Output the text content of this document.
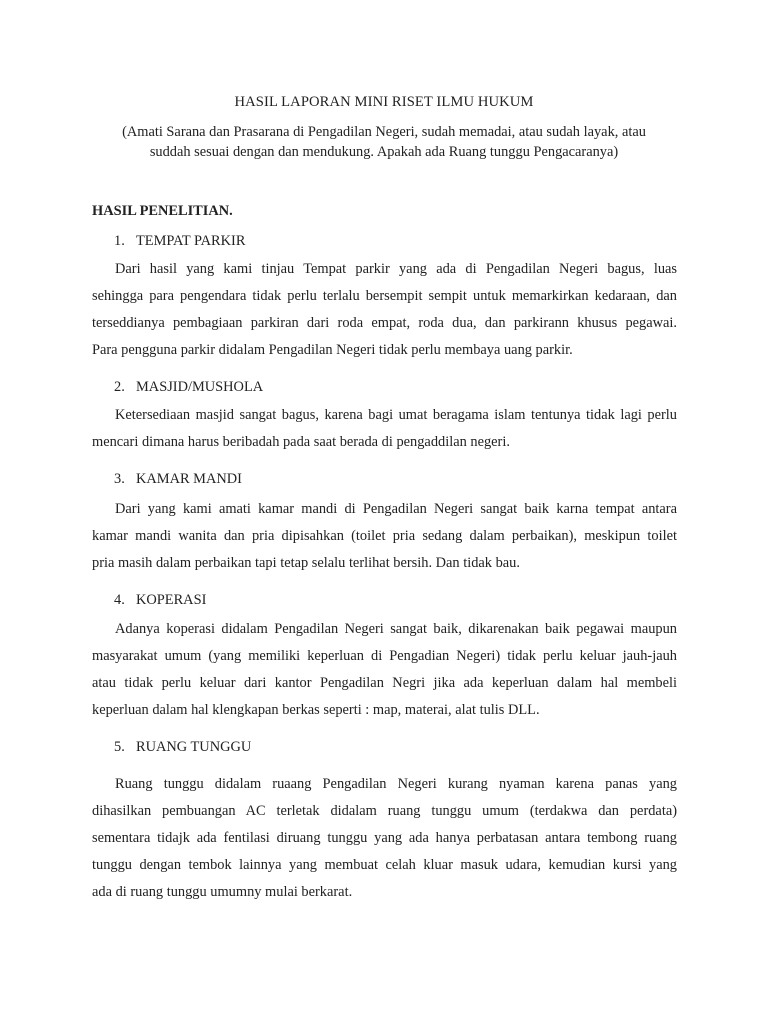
HASIL LAPORAN MINI RISET ILMU HUKUM
(Amati Sarana dan Prasarana di Pengadilan Negeri, sudah memadai, atau sudah layak, atau
suddah sesuai dengan dan mendukung. Apakah ada Ruang tunggu Pengacaranya)
HASIL PENELITIAN.
1. TEMPAT PARKIR
Dari hasil yang kami tinjau Tempat parkir yang ada di Pengadilan Negeri bagus, luas
sehingga para pengendara tidak perlu terlalu bersempit sempit untuk memarkirkan kedaraan, dan
terseddianya pembagiaan parkiran dari roda empat, roda dua, dan parkirann khusus pegawai.
Para pengguna parkir didalam Pengadilan Negeri tidak perlu membaya uang parkir.
2. MASJID/MUSHOLA
Ketersediaan masjid sangat bagus, karena bagi umat beragama islam tentunya tidak lagi perlu
mencari dimana harus beribadah pada saat berada di pengaddilan negeri.
3. KAMAR MANDI
Dari yang kami amati kamar mandi di Pengadilan Negeri sangat baik karna tempat antara
kamar mandi wanita dan pria dipisahkan (toilet pria sedang dalam perbaikan), meskipun toilet
pria masih dalam perbaikan tapi tetap selalu terlihat bersih. Dan tidak bau.
4. KOPERASI
Adanya koperasi didalam Pengadilan Negeri sangat baik, dikarenakan baik pegawai maupun
masyarakat umum (yang memiliki keperluan di Pengadian Negeri) tidak perlu keluar jauh-jauh
atau tidak perlu keluar dari kantor Pengadilan Negri jika ada keperluan dalam hal membeli
keperluan dalam hal klengkapan berkas seperti : map, materai, alat tulis DLL.
5. RUANG TUNGGU
Ruang tunggu didalam ruaang Pengadilan Negeri kurang nyaman karena panas yang
dihasilkan pembuangan AC terletak didalam ruang tunggu umum (terdakwa dan perdata)
sementara tidajk ada fentilasi diruang tunggu yang ada hanya perbatasan antara tembong ruang
tunggu dengan tembok lainnya yang membuat celah kluar masuk udara, kemudian kursi yang
ada di ruang tunggu umumny mulai berkarat.
